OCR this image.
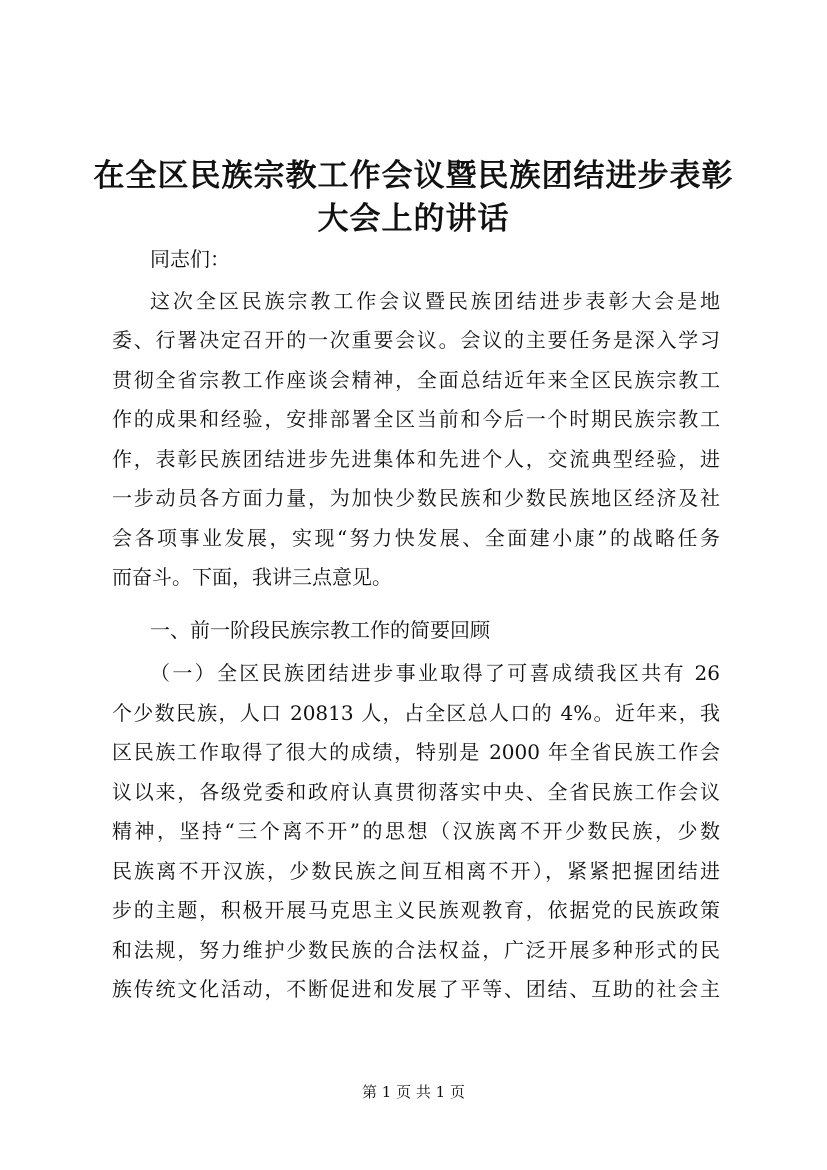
在全区民族宗教工作会议暨民族团结进步表彰
大会上的讲话
同志们：
这次全区民族宗教工作会议暨民族团结进步表彰大会是地
委、行署决定召开的一次重要会议。会议的主要任务是深入学习
贯彻全省宗教工作座谈会精神，全面总结近年来全区民族宗教工
作的成果和经验，安排部署全区当前和今后一个时期民族宗教工
作，表彰民族团结进步先进集体和先进个人，交流典型经验，进
一步动员各方面力量，为加快少数民族和少数民族地区经济及社
会各项事业发展，实现“努力快发展、全面建小康”的战略任务
而奋斗。下面，我讲三点意见。
一、前一阶段民族宗教工作的简要回顾
（一）全区民族团结进步事业取得了可喜成绩我区共有 26
个少数民族，人口 20813 人，占全区总人口的 4%。近年来，我
区民族工作取得了很大的成绩，特别是 2000 年全省民族工作会
议以来，各级党委和政府认真贯彻落实中央、全省民族工作会议
精神，坚持“三个离不开”的思想（汉族离不开少数民族，少数
民族离不开汉族，少数民族之间互相离不开），紧紧把握团结进
步的主题，积极开展马克思主义民族观教育，依据党的民族政策
和法规，努力维护少数民族的合法权益，广泛开展多种形式的民
族传统文化活动，不断促进和发展了平等、团结、互助的社会主
第 1 页 共 1 页
